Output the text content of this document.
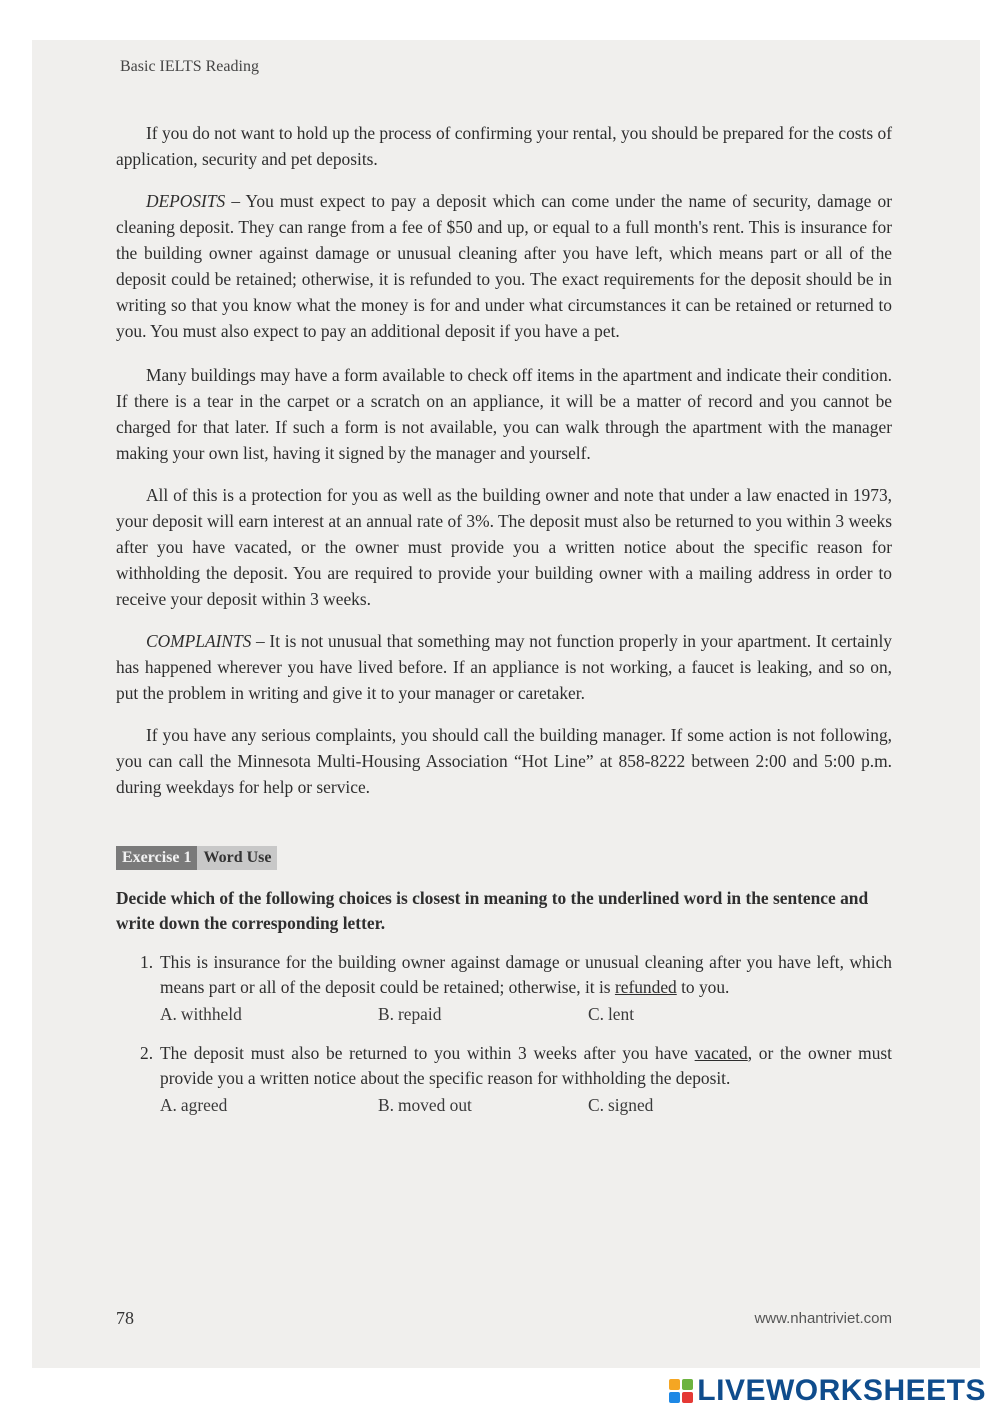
Basic IELTS Reading

If you do not want to hold up the process of confirming your rental, you should be prepared for the costs of application, security and pet deposits.

DEPOSITS – You must expect to pay a deposit which can come under the name of security, damage or cleaning deposit. They can range from a fee of $50 and up, or equal to a full month's rent. This is insurance for the building owner against damage or unusual cleaning after you have left, which means part or all of the deposit could be retained; otherwise, it is refunded to you. The exact requirements for the deposit should be in writing so that you know what the money is for and under what circumstances it can be retained or returned to you. You must also expect to pay an additional deposit if you have a pet.

Many buildings may have a form available to check off items in the apartment and indicate their condition. If there is a tear in the carpet or a scratch on an appliance, it will be a matter of record and you cannot be charged for that later. If such a form is not available, you can walk through the apartment with the manager making your own list, having it signed by the manager and yourself.

All of this is a protection for you as well as the building owner and note that under a law enacted in 1973, your deposit will earn interest at an annual rate of 3%. The deposit must also be returned to you within 3 weeks after you have vacated, or the owner must provide you a written notice about the specific reason for withholding the deposit. You are required to provide your building owner with a mailing address in order to receive your deposit within 3 weeks.

COMPLAINTS – It is not unusual that something may not function properly in your apartment. It certainly has happened wherever you have lived before. If an appliance is not working, a faucet is leaking, and so on, put the problem in writing and give it to your manager or caretaker.

If you have any serious complaints, you should call the building manager. If some action is not following, you can call the Minnesota Multi-Housing Association “Hot Line” at 858-8222 between 2:00 and 5:00 p.m. during weekdays for help or service.

Exercise 1 Word Use
Decide which of the following choices is closest in meaning to the underlined word in the sentence and write down the corresponding letter.
1. This is insurance for the building owner against damage or unusual cleaning after you have left, which means part or all of the deposit could be retained; otherwise, it is refunded to you.
A. withheld	B. repaid	C. lent
2. The deposit must also be returned to you within 3 weeks after you have vacated, or the owner must provide you a written notice about the specific reason for withholding the deposit.
A. agreed	B. moved out	C. signed
78	www.nhantriviet.com
LIVEWORKSHEETS
